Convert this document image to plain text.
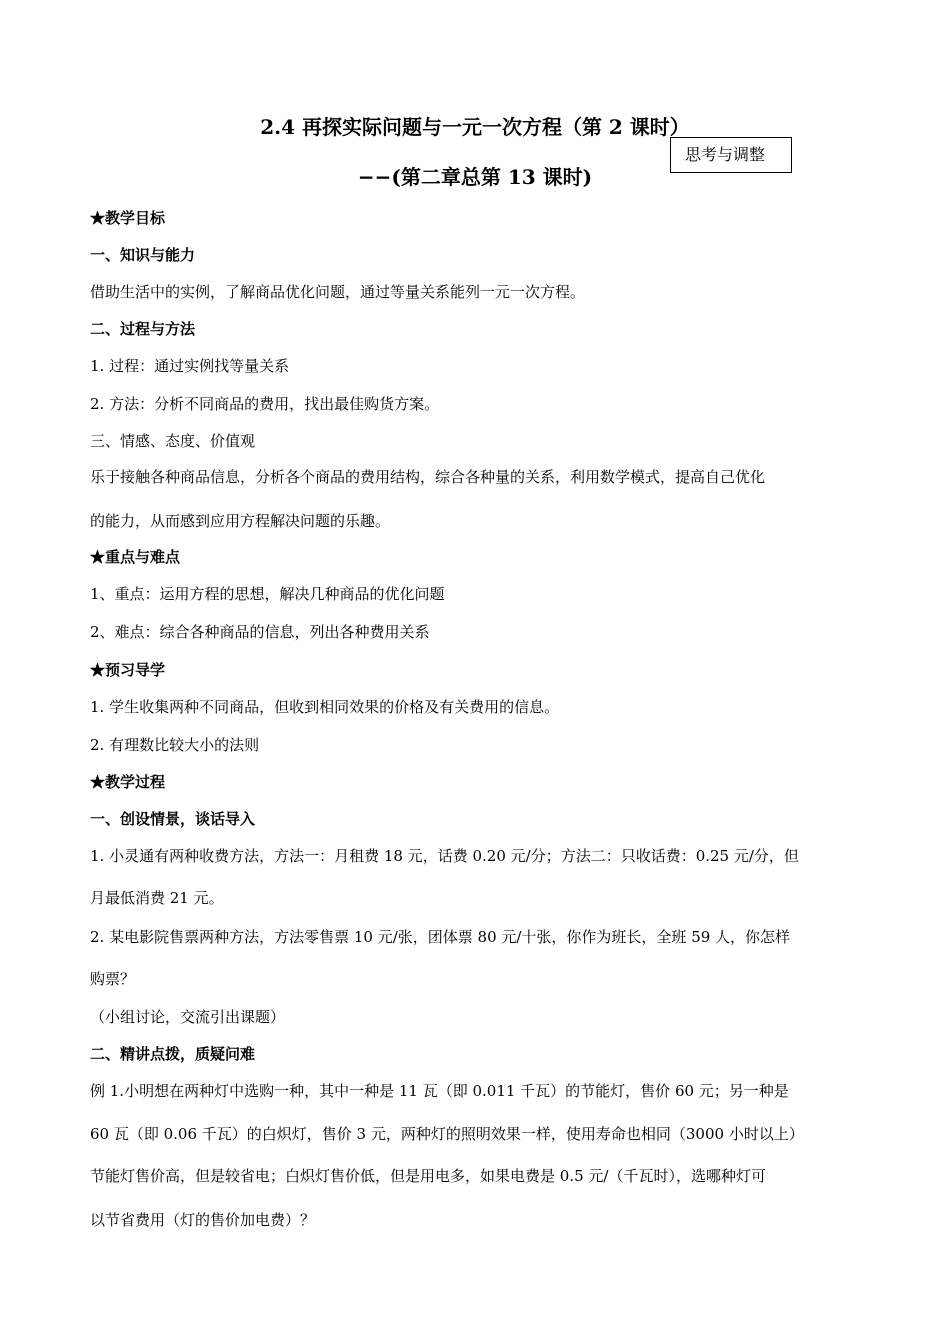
2.4 再探实际问题与一元一次方程（第 2 课时）
−−(第二章总第 13 课时)
思考与调整
★教学目标
一、知识与能力
借助生活中的实例，了解商品优化问题，通过等量关系能列一元一次方程。
二、过程与方法
1. 过程：通过实例找等量关系
2. 方法：分析不同商品的费用，找出最佳购货方案。
三、情感、态度、价值观
乐于接触各种商品信息，分析各个商品的费用结构，综合各种量的关系，利用数学模式，提高自己优化
的能力，从而感到应用方程解决问题的乐趣。
★重点与难点
1、重点：运用方程的思想，解决几种商品的优化问题
2、难点：综合各种商品的信息，列出各种费用关系
★预习导学
1. 学生收集两种不同商品，但收到相同效果的价格及有关费用的信息。
2. 有理数比较大小的法则
★教学过程
一、创设情景，谈话导入
1. 小灵通有两种收费方法，方法一：月租费 18 元，话费 0.20 元/分；方法二：只收话费：0.25 元/分，但
月最低消费 21 元。
2. 某电影院售票两种方法，方法零售票 10 元/张，团体票 80 元/十张，你作为班长，全班 59 人，你怎样
购票？
（小组讨论，交流引出课题）
二、精讲点拨，质疑问难
例 1.小明想在两种灯中选购一种，其中一种是 11 瓦（即 0.011 千瓦）的节能灯，售价 60 元；另一种是
60 瓦（即 0.06 千瓦）的白炽灯，售价 3 元，两种灯的照明效果一样，使用寿命也相同（3000 小时以上）
节能灯售价高，但是较省电；白炽灯售价低，但是用电多，如果电费是 0.5 元/（千瓦时），选哪种灯可
以节省费用（灯的售价加电费）？
